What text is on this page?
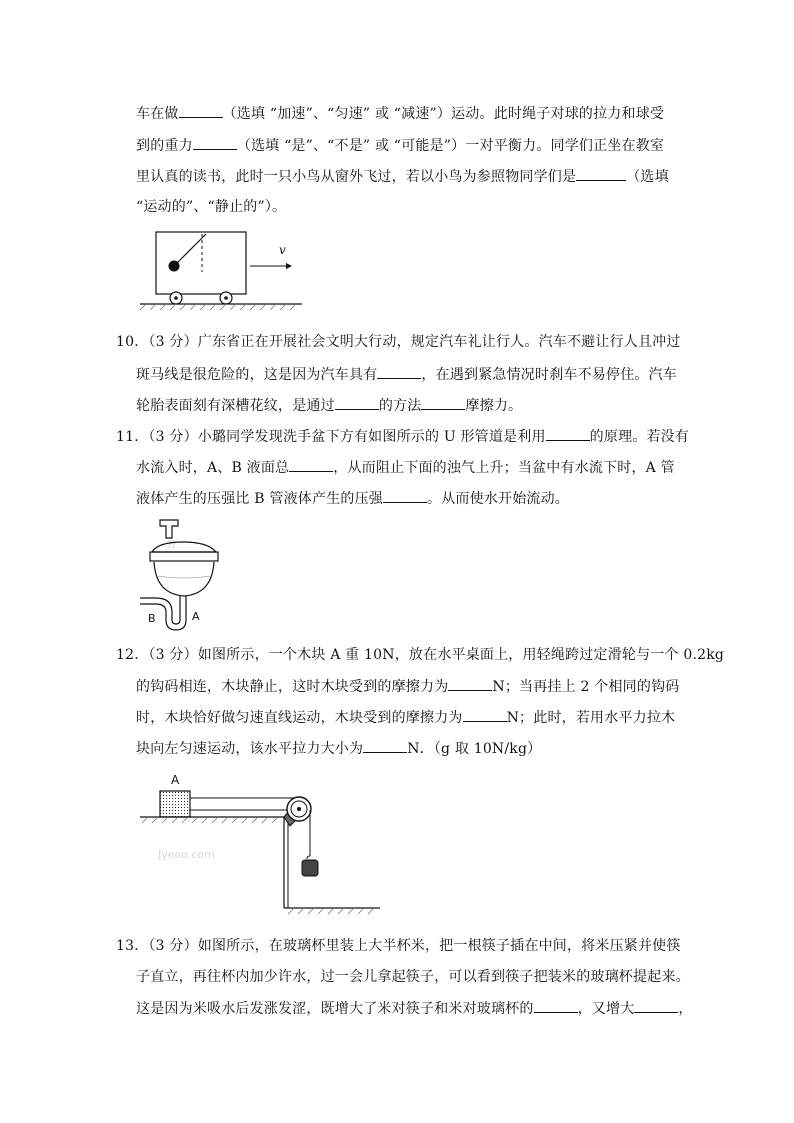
车在做	（选填 “加速”、“匀速” 或 “减速”）运动。此时绳子对球的拉力和球受
到的重力	（选填 “是”、“不是” 或 “可能是”）一对平衡力。同学们正坐在教室
里认真的读书，此时一只小鸟从窗外飞过，若以小鸟为参照物同学们是	（选填
“运动的”、“静止的”）。
v
10．（3 分）广东省正在开展社会文明大行动，规定汽车礼让行人。汽车不避让行人且冲过
斑马线是很危险的，这是因为汽车具有	，在遇到紧急情况时刹车不易停住。汽车
轮胎表面刻有深槽花纹，是通过	的方法	摩擦力。
11．（3 分）小璐同学发现洗手盆下方有如图所示的 U 形管道是利用	的原理。若没有
水流入时，A、B 液面总	，从而阻止下面的浊气上升；当盆中有水流下时，A 管
液体产生的压强比 B 管液体产生的压强	。从而使水开始流动。
菁
A
B
12．（3 分）如图所示，一个木块 A 重 10N，放在水平桌面上，用轻绳跨过定滑轮与一个 0.2kg
的钩码相连，木块静止，这时木块受到的摩擦力为	N；当再挂上 2 个相同的钩码
时，木块恰好做匀速直线运动，木块受到的摩擦力为	N；此时，若用水平力拉木
块向左匀速运动，该水平拉力大小为	N．（g 取 10N/kg）
A
Jyeoo.com
13．（3 分）如图所示，在玻璃杯里装上大半杯米，把一根筷子插在中间，将米压紧并使筷
子直立，再往杯内加少许水，过一会儿拿起筷子，可以看到筷子把装米的玻璃杯提起来。
这是因为米吸水后发涨发涩，既增大了米对筷子和米对玻璃杯的	，又增大	，
